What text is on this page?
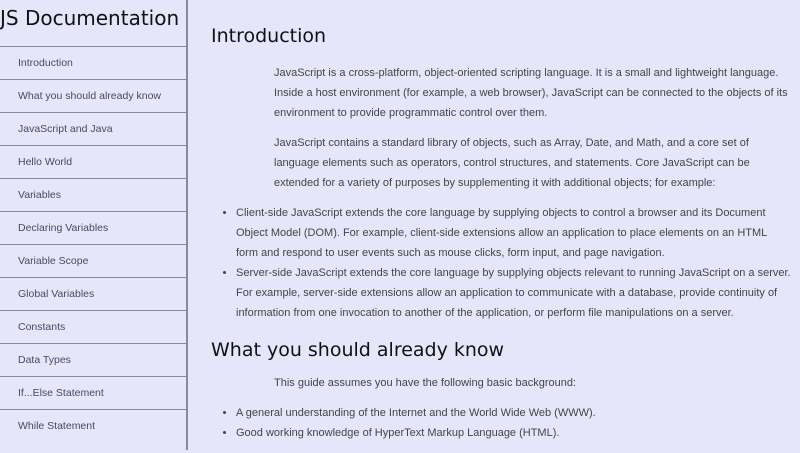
JS Documentation
Introduction
What you should already know
JavaScript and Java
Hello World
Variables
Declaring Variables
Variable Scope
Global Variables
Constants
Data Types
If...Else Statement
While Statement
Introduction

JavaScript is a cross-platform, object-oriented scripting language. It is a small and lightweight language. Inside a host environment (for example, a web browser), JavaScript can be connected to the objects of its environment to provide programmatic control over them.

JavaScript contains a standard library of objects, such as Array, Date, and Math, and a core set of language elements such as operators, control structures, and statements. Core JavaScript can be extended for a variety of purposes by supplementing it with additional objects; for example:

• Client-side JavaScript extends the core language by supplying objects to control a browser and its Document Object Model (DOM). For example, client-side extensions allow an application to place elements on an HTML form and respond to user events such as mouse clicks, form input, and page navigation.
• Server-side JavaScript extends the core language by supplying objects relevant to running JavaScript on a server. For example, server-side extensions allow an application to communicate with a database, provide continuity of information from one invocation to another of the application, or perform file manipulations on a server.
What you should already know

This guide assumes you have the following basic background:

• A general understanding of the Internet and the World Wide Web (WWW).
• Good working knowledge of HyperText Markup Language (HTML).
